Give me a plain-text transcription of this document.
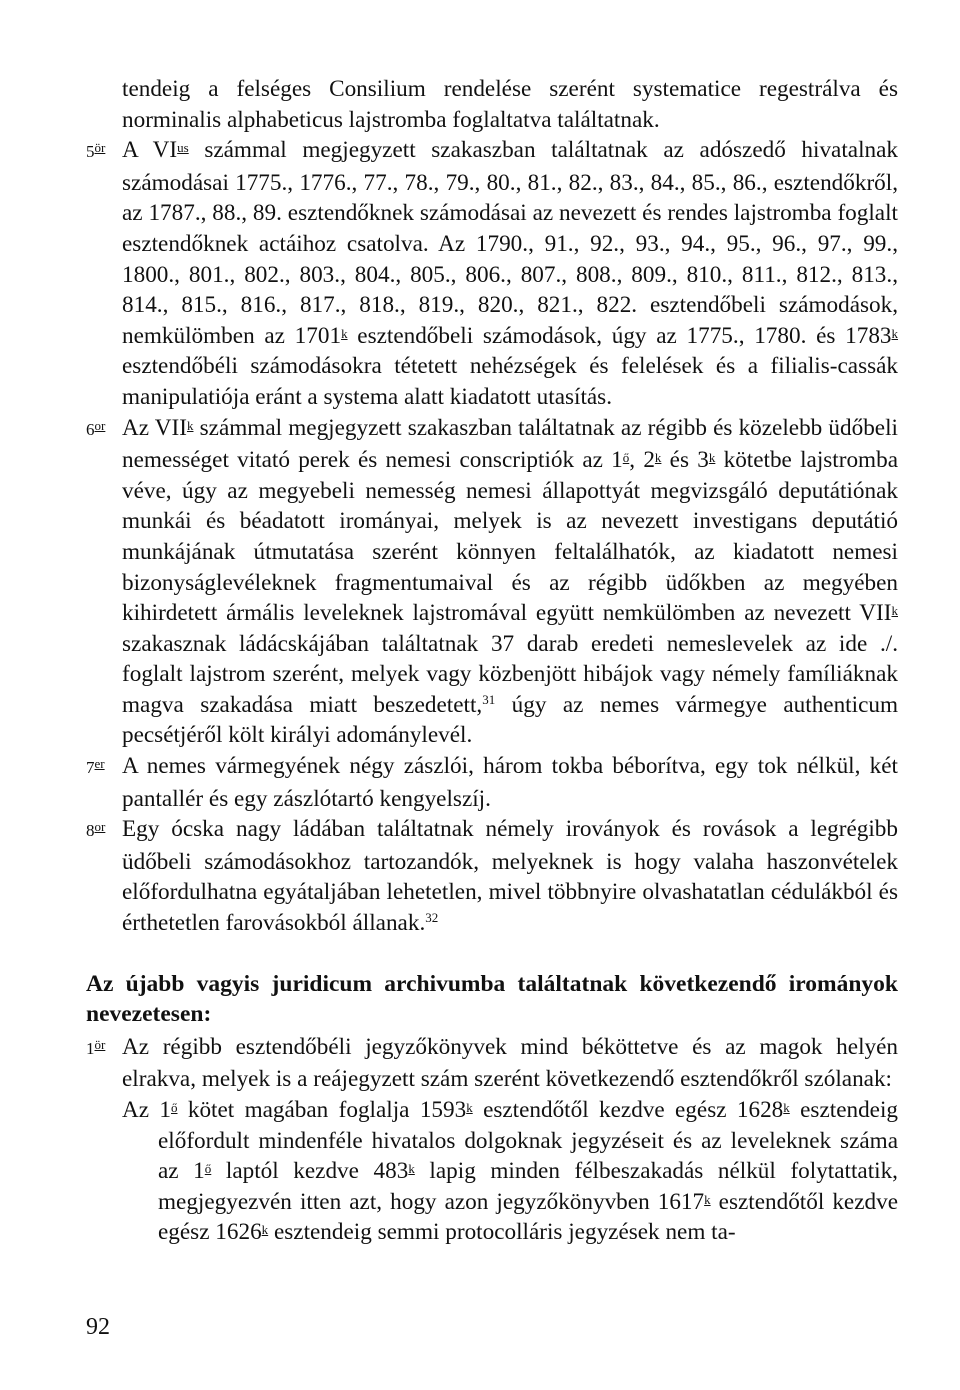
tendeig a felséges Consilium rendelése szerént systematice regestrálva és norminalis alphabeticus lajstromba foglaltatva találtatnak.

$5^{ör}$ A $VI^{us}$ számmal megjegyzett szakaszban találtatnak az adószedő hivatalnak számodásai 1775., 1776., 77., 78., 79., 80., 81., 82., 83., 84., 85., 86., esztendőkről, az 1787., 88., 89. esztendőknek számodásai az nevezett és rendes lajstromba foglalt esztendőknek actáihoz csatolva. Az 1790., 91., 92., 93., 94., 95., 96., 97., 99., 1800., 801., 802., 803., 804., 805., 806., 807., 808., 809., 810., 811., 812., 813., 814., 815., 816., 817., 818., 819., 820., 821., 822. esztendőbeli számodások, nemkülömben az 1701$^k$ esztendőbeli számodások, úgy az 1775., 1780. és 1783$^k$ esztendőbéli számodásokra tétetett nehézségek és felelések és a filialis-cassák manipulatiója eránt a systema alatt kiadatott utasítás.

$6^{or}$ Az VII$^k$ számmal megjegyzett szakaszban találtatnak az régibb és közelebb üdőbeli nemességet vitató perek és nemesi conscriptiók az $1^ő$, 2$^k$ és 3$^k$ kötetbe lajstromba véve, úgy az megyebeli nemesség nemesi állapottyát megvizsgáló deputátiónak munkái és béadatott irományai, melyek is az nevezett investigans deputátió munkájának útmutatása szerént könnyen feltalálhatók, az kiadatott nemesi bizonyságlevéleknek fragmentumaival és az régibb üdőkben az megyében kihirdetett ármális leveleknek lajstromával együtt nemkülömben az nevezett VII$^k$ szakasznak ládácskájában találtatnak 37 darab eredeti nemeslevelek az ide ./. foglalt lajstrom szerént, melyek vagy közbenjött hibájok vagy némely famíliáknak magva szakadása miatt beszedetett,$^{31}$ úgy az nemes vármegye authenticum pecsétjéről költ királyi adománylevél.

7er A nemes vármegyének négy zászlói, három tokba béborítva, egy tok nélkül, két pantallér és egy zászlótartó kengyelszíj.

$8^{or}$ Egy ócska nagy ládában találtatnak némely iroványok és rovások a legrégibb üdőbeli számodásokhoz tartozandók, melyeknek is hogy valaha haszonvételek előfordulhatna egyátaljában lehetetlen, mivel többnyire olvashatatlan cédulákból és érthetetlen farovásokból állanak.$^{32}$

Az újabb vagyis juridicum archivumba találtatnak következendő irományok nevezetesen:

$1^{ör}$ Az régibb esztendőbéli jegyzőkönyvek mind béköttetve és az magok helyén elrakva, melyek is a reájegyzett szám szerént következendő esztendőkről szólanak:

Az $1^ő$ kötet magában foglalja 1593$^k$ esztendőtől kezdve egész 1628$^k$ esztendeig előfordult mindenféle hivatalos dolgoknak jegyzéseit és az leveleknek száma az $1^ő$ laptól kezdve 483$^k$ lapig minden félbeszakadás nélkül folytattatik, megjegyezvén itten azt, hogy azon jegyzőkönyvben 1617$^k$ esztendőtől kezdve egész 1626$^k$ esztendeig semmi protocolláris jegyzések nem ta-

92
